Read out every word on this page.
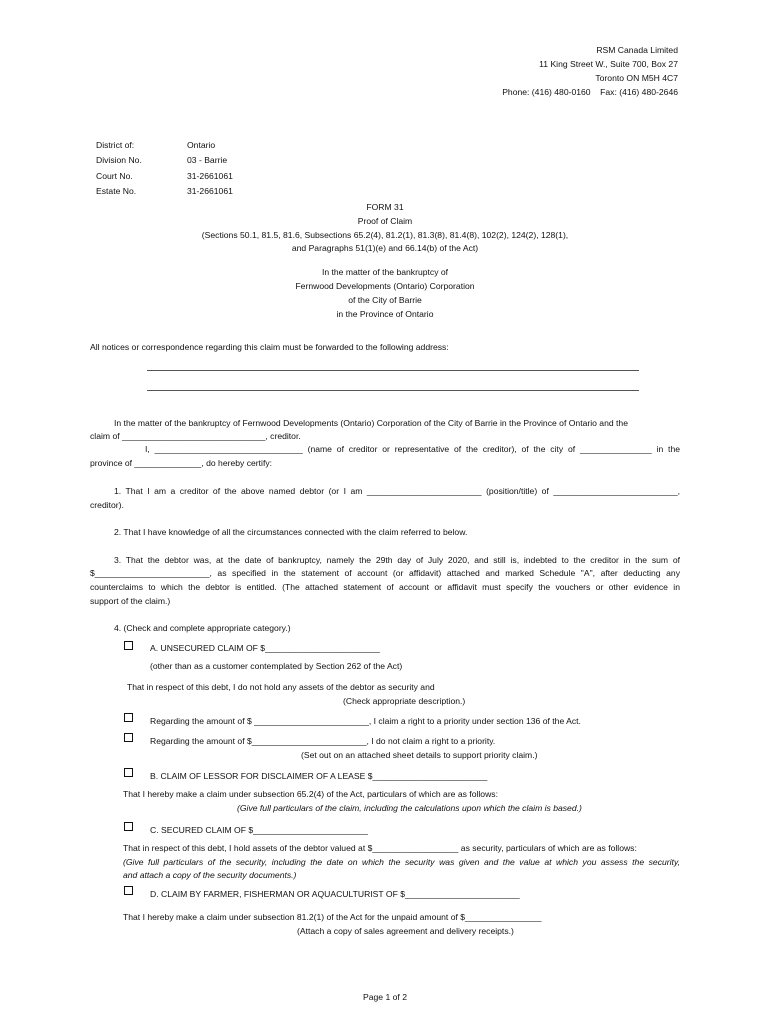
RSM Canada Limited
11 King Street W., Suite 700, Box 27
Toronto ON M5H 4C7
Phone: (416) 480-0160    Fax: (416) 480-2646
District of:	Ontario
Division No.	03 - Barrie
Court No.	31-2661061
Estate No.	31-2661061
FORM 31
Proof of Claim
(Sections 50.1, 81.5, 81.6, Subsections 65.2(4), 81.2(1), 81.3(8), 81.4(8), 102(2), 124(2), 128(1),
and Paragraphs 51(1)(e) and 66.14(b) of the Act)
In the matter of the bankruptcy of
Fernwood Developments (Ontario) Corporation
of the City of Barrie
in the Province of Ontario
All notices or correspondence regarding this claim must be forwarded to the following address:
In the matter of the bankruptcy of Fernwood Developments (Ontario) Corporation of the City of Barrie in the Province of Ontario and the
claim of ______________________________, creditor.
I, _______________________________ (name of creditor or representative of the creditor), of the city of _______________ in the
province of ______________, do hereby certify:
1. That I am a creditor of the above named debtor (or I am ________________________ (position/title) of __________________________,
creditor).
2. That I have knowledge of all the circumstances connected with the claim referred to below.
3. That the debtor was, at the date of bankruptcy, namely the 29th day of July 2020, and still is, indebted to the creditor in the sum of
$________________________, as specified in the statement of account (or affidavit) attached and marked Schedule "A", after deducting any
counterclaims to which the debtor is entitled. (The attached statement of account or affidavit must specify the vouchers or other evidence in
support of the claim.)
4. (Check and complete appropriate category.)
A. UNSECURED CLAIM OF $________________________
(other than as a customer contemplated by Section 262 of the Act)
That in respect of this debt, I do not hold any assets of the debtor as security and
(Check appropriate description.)
Regarding the amount of $ ________________________, I claim a right to a priority under section 136 of the Act.
Regarding the amount of $________________________, I do not claim a right to a priority.
(Set out on an attached sheet details to support priority claim.)
B. CLAIM OF LESSOR FOR DISCLAIMER OF A LEASE $________________________
That I hereby make a claim under subsection 65.2(4) of the Act, particulars of which are as follows:
(Give full particulars of the claim, including the calculations upon which the claim is based.)
C. SECURED CLAIM OF $________________________
That in respect of this debt, I hold assets of the debtor valued at $__________________ as security, particulars of which are as follows:
(Give full particulars of the security, including the date on which the security was given and the value at which you assess the security,
and attach a copy of the security documents.)
D. CLAIM BY FARMER, FISHERMAN OR AQUACULTURIST OF $________________________
That I hereby make a claim under subsection 81.2(1) of the Act for the unpaid amount of $________________
(Attach a copy of sales agreement and delivery receipts.)
Page 1 of 2
